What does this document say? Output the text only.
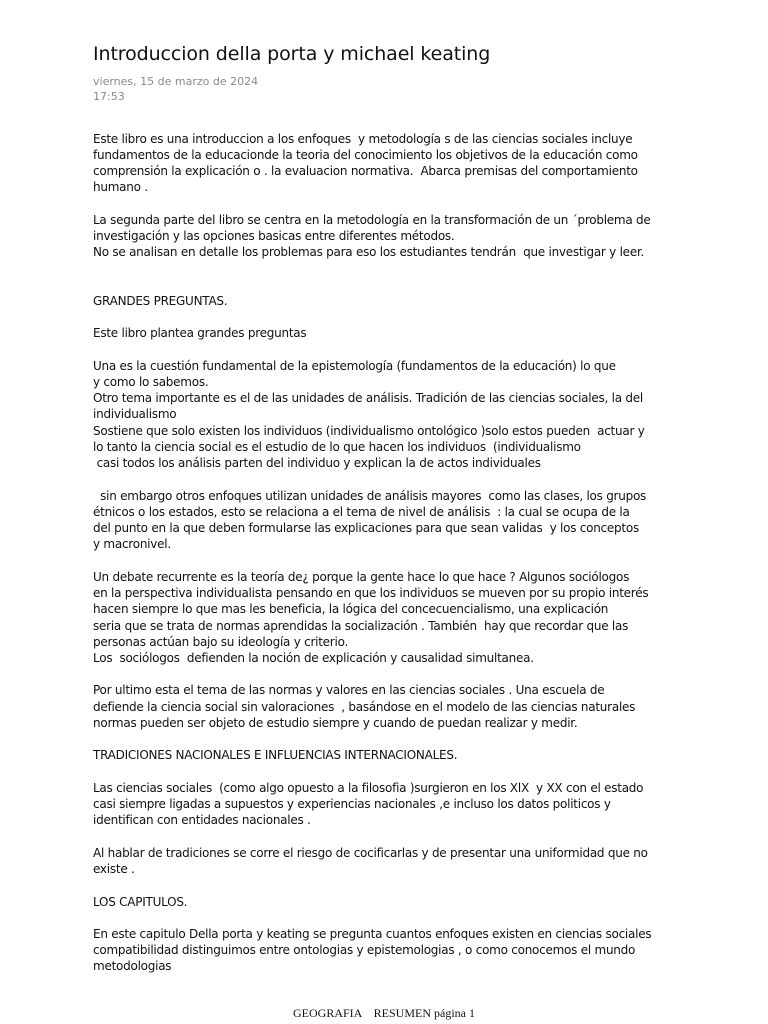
Introduccion della porta y michael keating
viernes, 15 de marzo de 2024
17:53
Este libro es una introduccion a los enfoques  y metodología s de las ciencias sociales incluye
fundamentos de la educacionde la teoria del conocimiento los objetivos de la educación como
comprensión la explicación o . la evaluacion normativa.  Abarca premisas del comportamiento
humano .
La segunda parte del libro se centra en la metodología en la transformación de un ´problema de
investigación y las opciones basicas entre diferentes métodos.
No se analisan en detalle los problemas para eso los estudiantes tendrán  que investigar y leer.
GRANDES PREGUNTAS.
Este libro plantea grandes preguntas
Una es la cuestión fundamental de la epistemología (fundamentos de la educación) lo que
y como lo sabemos.
Otro tema importante es el de las unidades de análisis. Tradición de las ciencias sociales, la del
individualismo
Sostiene que solo existen los individuos (individualismo ontológico )solo estos pueden  actuar y
lo tanto la ciencia social es el estudio de lo que hacen los individuos  (individualismo
casi todos los análisis parten del individuo y explican la de actos individuales
sin embargo otros enfoques utilizan unidades de análisis mayores  como las clases, los grupos
étnicos o los estados, esto se relaciona a el tema de nivel de análisis  : la cual se ocupa de la
del punto en la que deben formularse las explicaciones para que sean validas  y los conceptos
y macronivel.
Un debate recurrente es la teoría de¿ porque la gente hace lo que hace ? Algunos sociólogos
en la perspectiva individualista pensando en que los individuos se mueven por su propio interés
hacen siempre lo que mas les beneficia, la lógica del concecuencialismo, una explicación
seria que se trata de normas aprendidas la socialización . También  hay que recordar que las
personas actúan bajo su ideología y criterio.
Los  sociólogos  defienden la noción de explicación y causalidad simultanea.
Por ultimo esta el tema de las normas y valores en las ciencias sociales . Una escuela de
defiende la ciencia social sin valoraciones  , basándose en el modelo de las ciencias naturales
normas pueden ser objeto de estudio siempre y cuando de puedan realizar y medir.
TRADICIONES NACIONALES E INFLUENCIAS INTERNACIONALES.
Las ciencias sociales  (como algo opuesto a la filosofia )surgieron en los XlX  y XX con el estado
casi siempre ligadas a supuestos y experiencias nacionales ,e incluso los datos politicos y
identifican con entidades nacionales .
Al hablar de tradiciones se corre el riesgo de cocificarlas y de presentar una uniformidad que no
existe .
LOS CAPITULOS.
En este capitulo Della porta y keating se pregunta cuantos enfoques existen en ciencias sociales
compatibilidad distinguimos entre ontologias y epistemologias , o como conocemos el mundo
metodologias
GEOGRAFIA    RESUMEN página 1
